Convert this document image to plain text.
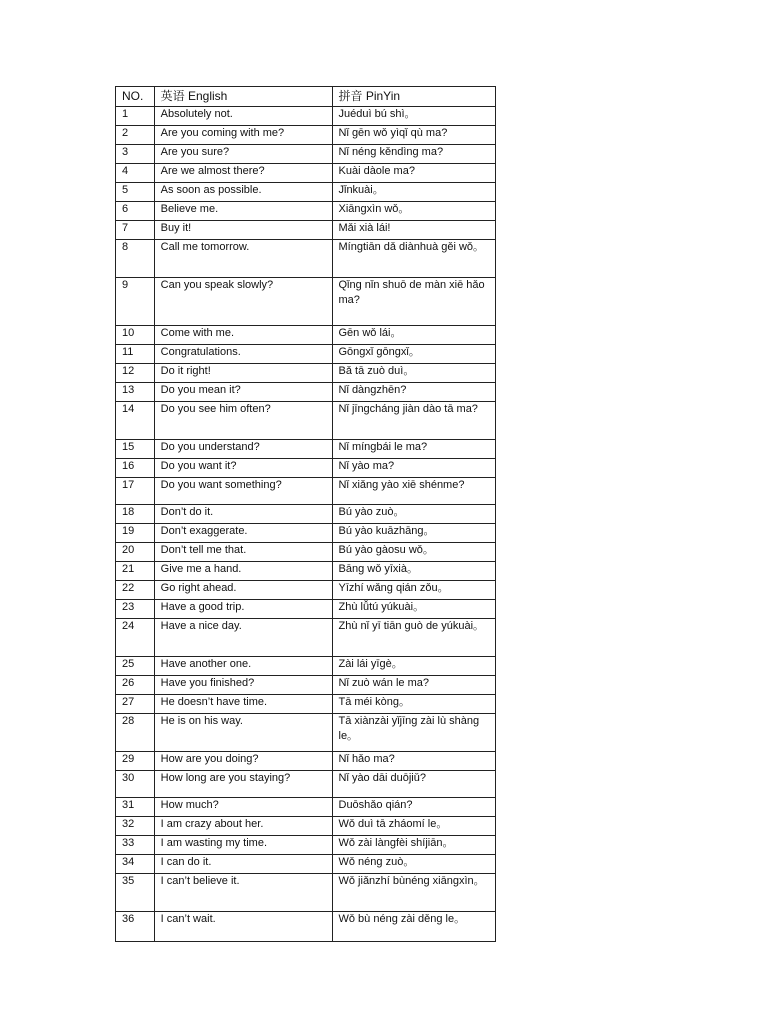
NO.	英语 English	拼音 PinYin
1	Absolutely not.	Juéduì bú shì。
2	Are you coming with me?	Nǐ gēn wǒ yìqǐ qù ma?
3	Are you sure?	Nǐ néng kěndìng ma?
4	Are we almost there?	Kuài dàole ma?
5	As soon as possible.	Jǐnkuài。
6	Believe me.	Xiāngxìn wǒ。
7	Buy it!	Mǎi xià lái!
8	Call me tomorrow.	Míngtiān dǎ diànhuà gěi wǒ。
9	Can you speak slowly?	Qǐng nǐn shuō de màn xiē hǎo ma?
10	Come with me.	Gēn wǒ lái。
11	Congratulations.	Gōngxǐ gōngxǐ。
12	Do it right!	Bǎ tā zuò duì。
13	Do you mean it?	Nǐ dàngzhēn?
14	Do you see him often?	Nǐ jīngcháng jiàn dào tā ma?
15	Do you understand?	Nǐ míngbái le ma?
16	Do you want it?	Nǐ yào ma?
17	Do you want something?	Nǐ xiǎng yào xiē shénme?
18	Don’t do it.	Bú yào zuò。
19	Don’t exaggerate.	Bú yào kuāzhāng。
20	Don’t tell me that.	Bú yào gàosu wǒ。
21	Give me a hand.	Bāng wǒ yīxià。
22	Go right ahead.	Yīzhí wǎng qián zǒu。
23	Have a good trip.	Zhù lǚtú yúkuài。
24	Have a nice day.	Zhù nǐ yī tiān guò de yúkuài。
25	Have another one.	Zài lái yīgè。
26	Have you finished?	Nǐ zuò wán le ma?
27	He doesn’t have time.	Tā méi kòng。
28	He is on his way.	Tā xiànzài yǐjīng zài lù shàng le。
29	How are you doing?	Nǐ hǎo ma?
30	How long are you staying?	Nǐ yào dāi duōjiǔ?
31	How much?	Duōshǎo qián?
32	I am crazy about her.	Wǒ duì tā zháomí le。
33	I am wasting my time.	Wǒ zài làngfèi shíjiān。
34	I can do it.	Wǒ néng zuò。
35	I can’t believe it.	Wǒ jiǎnzhí bùnéng xiāngxìn。
36	I can’t wait.	Wǒ bù néng zài děng le。
